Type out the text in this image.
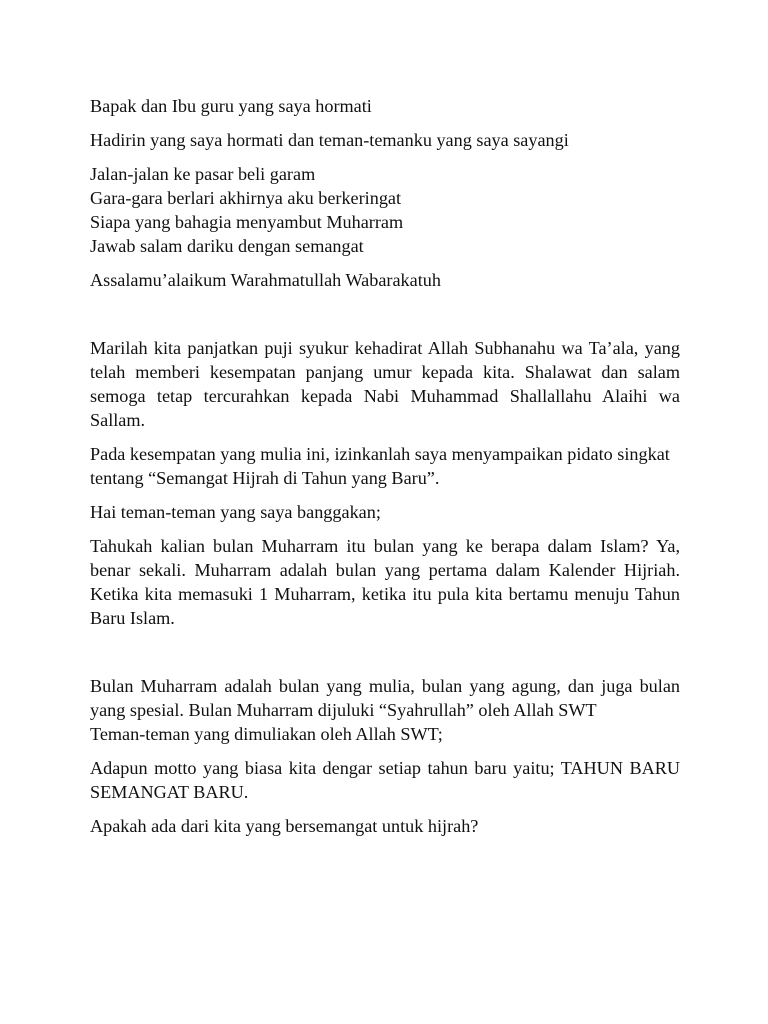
Bapak dan Ibu guru yang saya hormati

Hadirin yang saya hormati dan teman-temanku yang saya sayangi

Jalan-jalan ke pasar beli garam
Gara-gara berlari akhirnya aku berkeringat
Siapa yang bahagia menyambut Muharram
Jawab salam dariku dengan semangat

Assalamu’alaikum Warahmatullah Wabarakatuh

Marilah kita panjatkan puji syukur kehadirat Allah Subhanahu wa Ta’ala, yang telah memberi kesempatan panjang umur kepada kita. Shalawat dan salam semoga tetap tercurahkan kepada Nabi Muhammad Shallallahu Alaihi wa Sallam.

Pada kesempatan yang mulia ini, izinkanlah saya menyampaikan pidato singkat tentang “Semangat Hijrah di Tahun yang Baru”.

Hai teman-teman yang saya banggakan;

Tahukah kalian bulan Muharram itu bulan yang ke berapa dalam Islam? Ya, benar sekali. Muharram adalah bulan yang pertama dalam Kalender Hijriah. Ketika kita memasuki 1 Muharram, ketika itu pula kita bertamu menuju Tahun Baru Islam.

Bulan Muharram adalah bulan yang mulia, bulan yang agung, dan juga bulan yang spesial. Bulan Muharram dijuluki “Syahrullah” oleh Allah SWT

Teman-teman yang dimuliakan oleh Allah SWT;

Adapun motto yang biasa kita dengar setiap tahun baru yaitu; TAHUN BARU SEMANGAT BARU.

Apakah ada dari kita yang bersemangat untuk hijrah?
